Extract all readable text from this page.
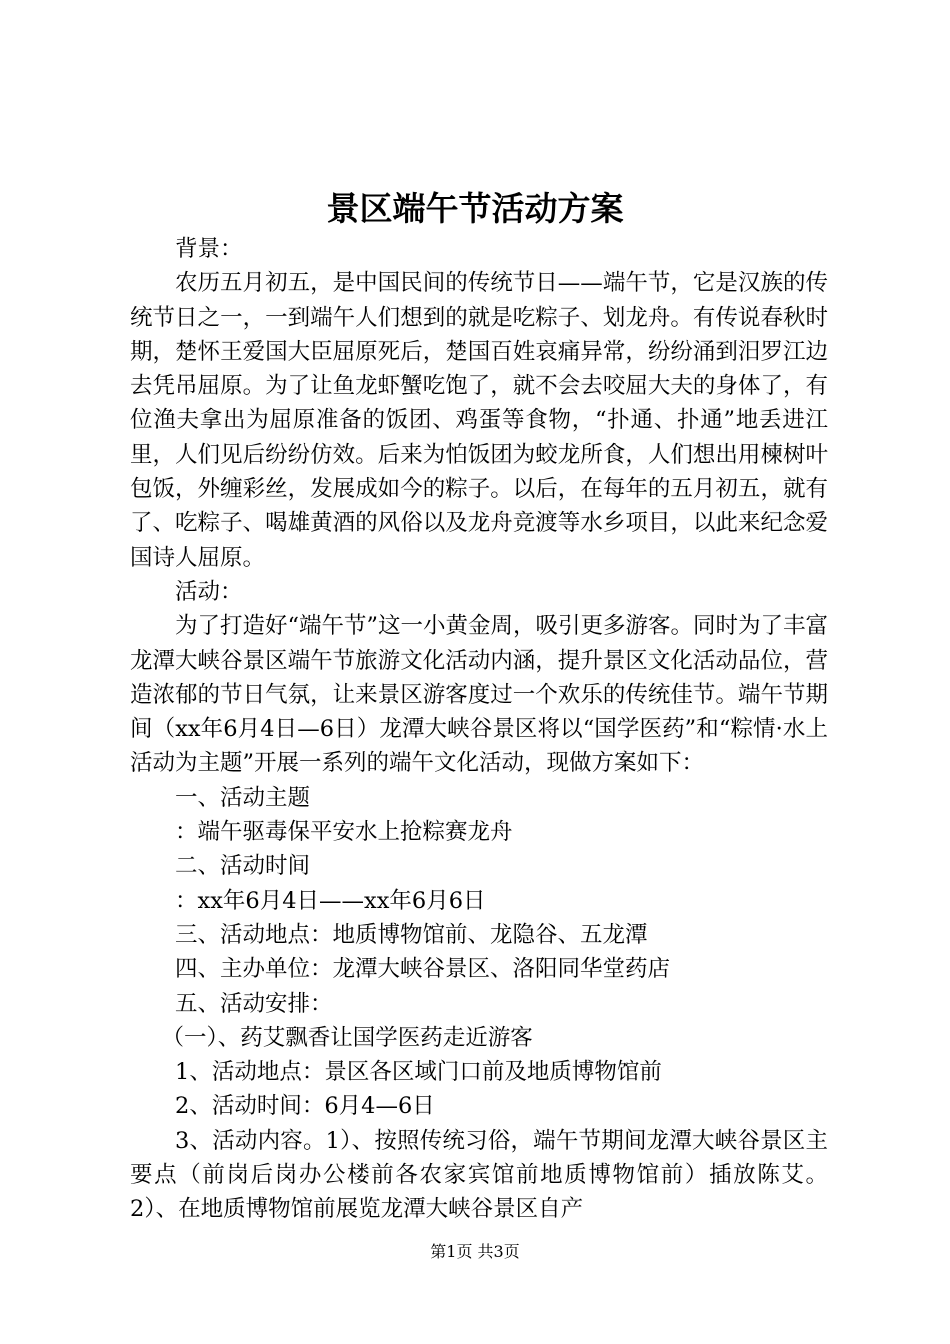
景区端午节活动方案

背景：

农历五月初五，是中国民间的传统节日——端午节，它是汉族的传统节日之一，一到端午人们想到的就是吃粽子、划龙舟。有传说春秋时期，楚怀王爱国大臣屈原死后，楚国百姓哀痛异常，纷纷涌到汨罗江边去凭吊屈原。为了让鱼龙虾蟹吃饱了，就不会去咬屈大夫的身体了，有位渔夫拿出为屈原准备的饭团、鸡蛋等食物，“扑通、扑通”地丢进江里，人们见后纷纷仿效。后来为怕饭团为蛟龙所食，人们想出用楝树叶包饭，外缠彩丝，发展成如今的粽子。以后，在每年的五月初五，就有了、吃粽子、喝雄黄酒的风俗以及龙舟竞渡等水乡项目，以此来纪念爱国诗人屈原。

活动：

为了打造好“端午节”这一小黄金周，吸引更多游客。同时为了丰富龙潭大峡谷景区端午节旅游文化活动内涵，提升景区文化活动品位，营造浓郁的节日气氛，让来景区游客度过一个欢乐的传统佳节。端午节期间（xx年6月4日—6日）龙潭大峡谷景区将以“国学医药”和“粽情·水上活动为主题”开展一系列的端午文化活动，现做方案如下：

一、活动主题

：端午驱毒保平安水上抢粽赛龙舟

二、活动时间

：xx年6月4日——xx年6月6日

三、活动地点：地质博物馆前、龙隐谷、五龙潭

四、主办单位：龙潭大峡谷景区、洛阳同华堂药店

五、活动安排：

（一）、药艾飘香让国学医药走近游客

1、活动地点：景区各区域门口前及地质博物馆前

2、活动时间：6月4—6日

3、活动内容。1）、按照传统习俗，端午节期间龙潭大峡谷景区主要点（前岗后岗办公楼前各农家宾馆前地质博物馆前）插放陈艾。2）、在地质博物馆前展览龙潭大峡谷景区自产

第1页 共3页
